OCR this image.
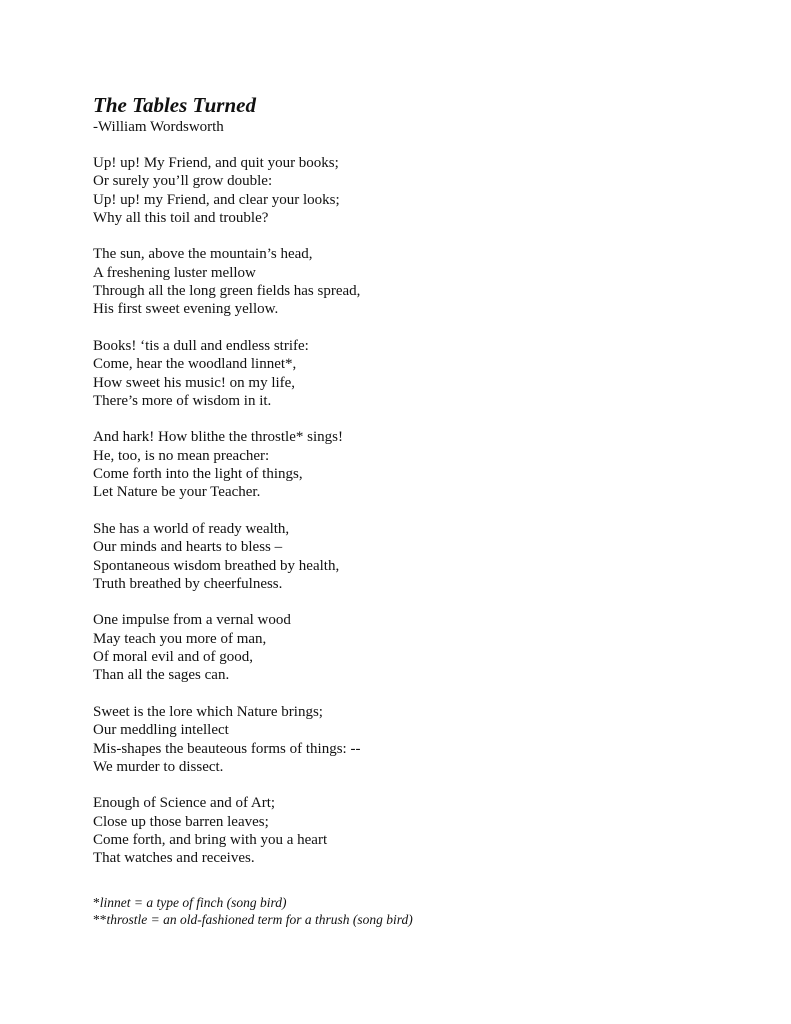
The Tables Turned
-William Wordsworth
Up! up! My Friend, and quit your books;
Or surely you’ll grow double:
Up! up! my Friend, and clear your looks;
Why all this toil and trouble?
The sun, above the mountain’s head,
A freshening luster mellow
Through all the long green fields has spread,
His first sweet evening yellow.
Books! ‘tis a dull and endless strife:
Come, hear the woodland linnet*,
How sweet his music! on my life,
There’s more of wisdom in it.
And hark! How blithe the throstle* sings!
He, too, is no mean preacher:
Come forth into the light of things,
Let Nature be your Teacher.
She has a world of ready wealth,
Our minds and hearts to bless –
Spontaneous wisdom breathed by health,
Truth breathed by cheerfulness.
One impulse from a vernal wood
May teach you more of man,
Of moral evil and of good,
Than all the sages can.
Sweet is the lore which Nature brings;
Our meddling intellect
Mis-shapes the beauteous forms of things: --
We murder to dissect.
Enough of Science and of Art;
Close up those barren leaves;
Come forth, and bring with you a heart
That watches and receives.
*linnet = a type of finch (song bird)
**throstle = an old-fashioned term for a thrush (song bird)
